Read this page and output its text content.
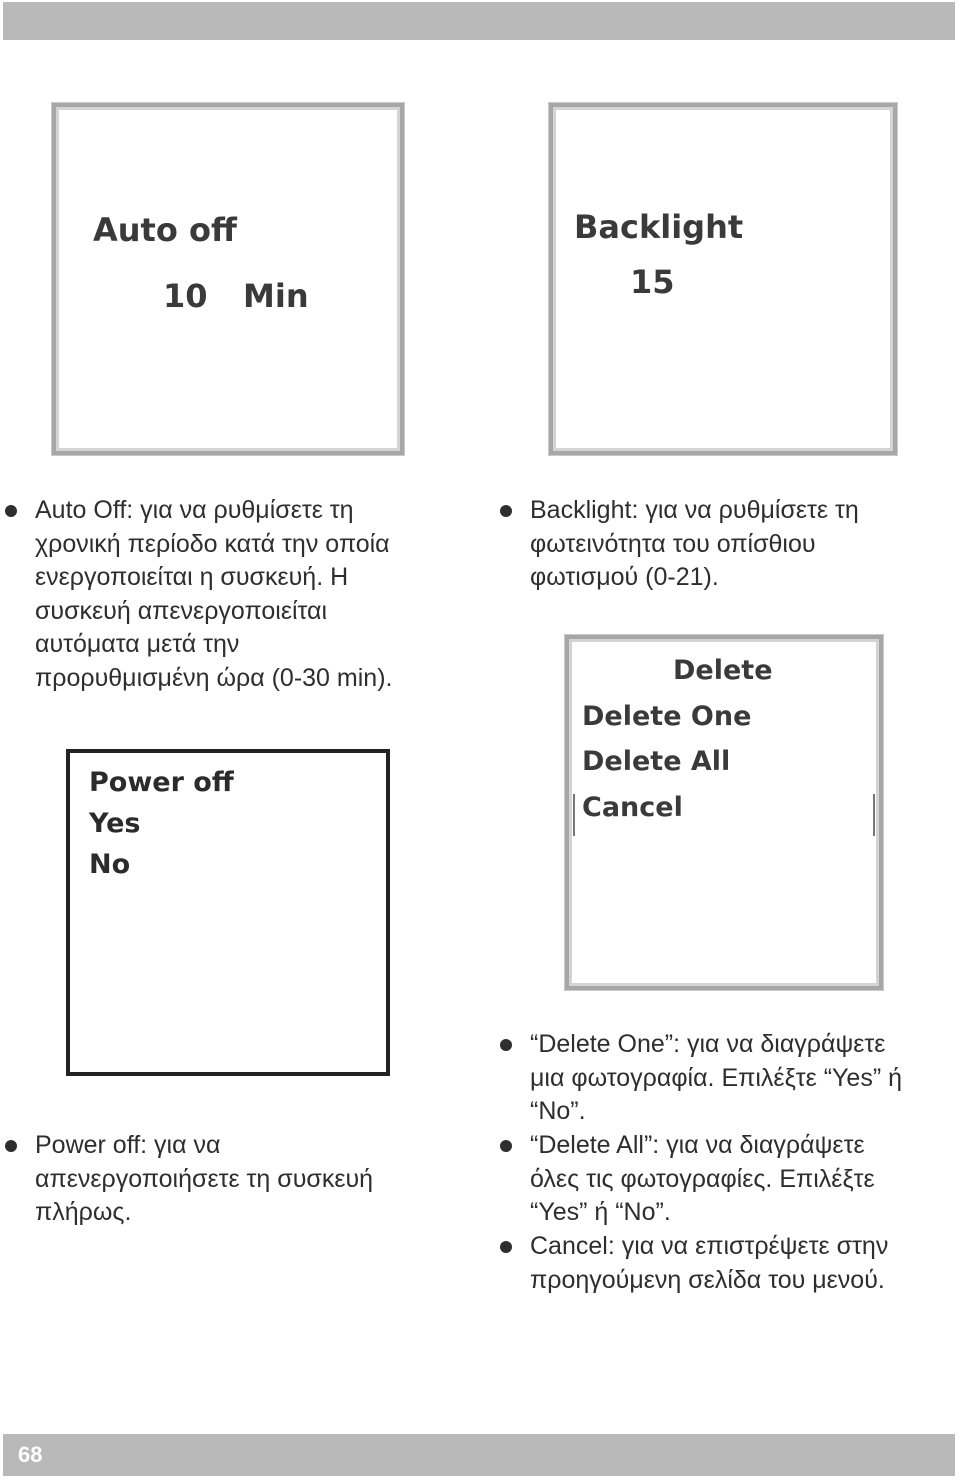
Auto off
10 Min
Backlight
15
Auto Off: για να ρυθμίσετε τη
χρονική περίοδο κατά την οποία
ενεργοποιείται η συσκευή. Η
συσκευή απενεργοποιείται
αυτόματα μετά την
προρυθμισμένη ώρα (0-30 min).
Backlight: για να ρυθμίσετε τη
φωτεινότητα του οπίσθιου
φωτισμού (0-21).
Delete
Delete One
Delete All
Cancel
Power off
Yes
No
“Delete One”: για να διαγράψετε
μια φωτογραφία. Επιλέξτε “Yes” ή
“No”.
“Delete All”: για να διαγράψετε
όλες τις φωτογραφίες. Επιλέξτε
“Yes” ή “No”.
Cancel: για να επιστρέψετε στην
προηγούμενη σελίδα του μενού.
Power off: για να
απενεργοποιήσετε τη συσκευή
πλήρως.
68
